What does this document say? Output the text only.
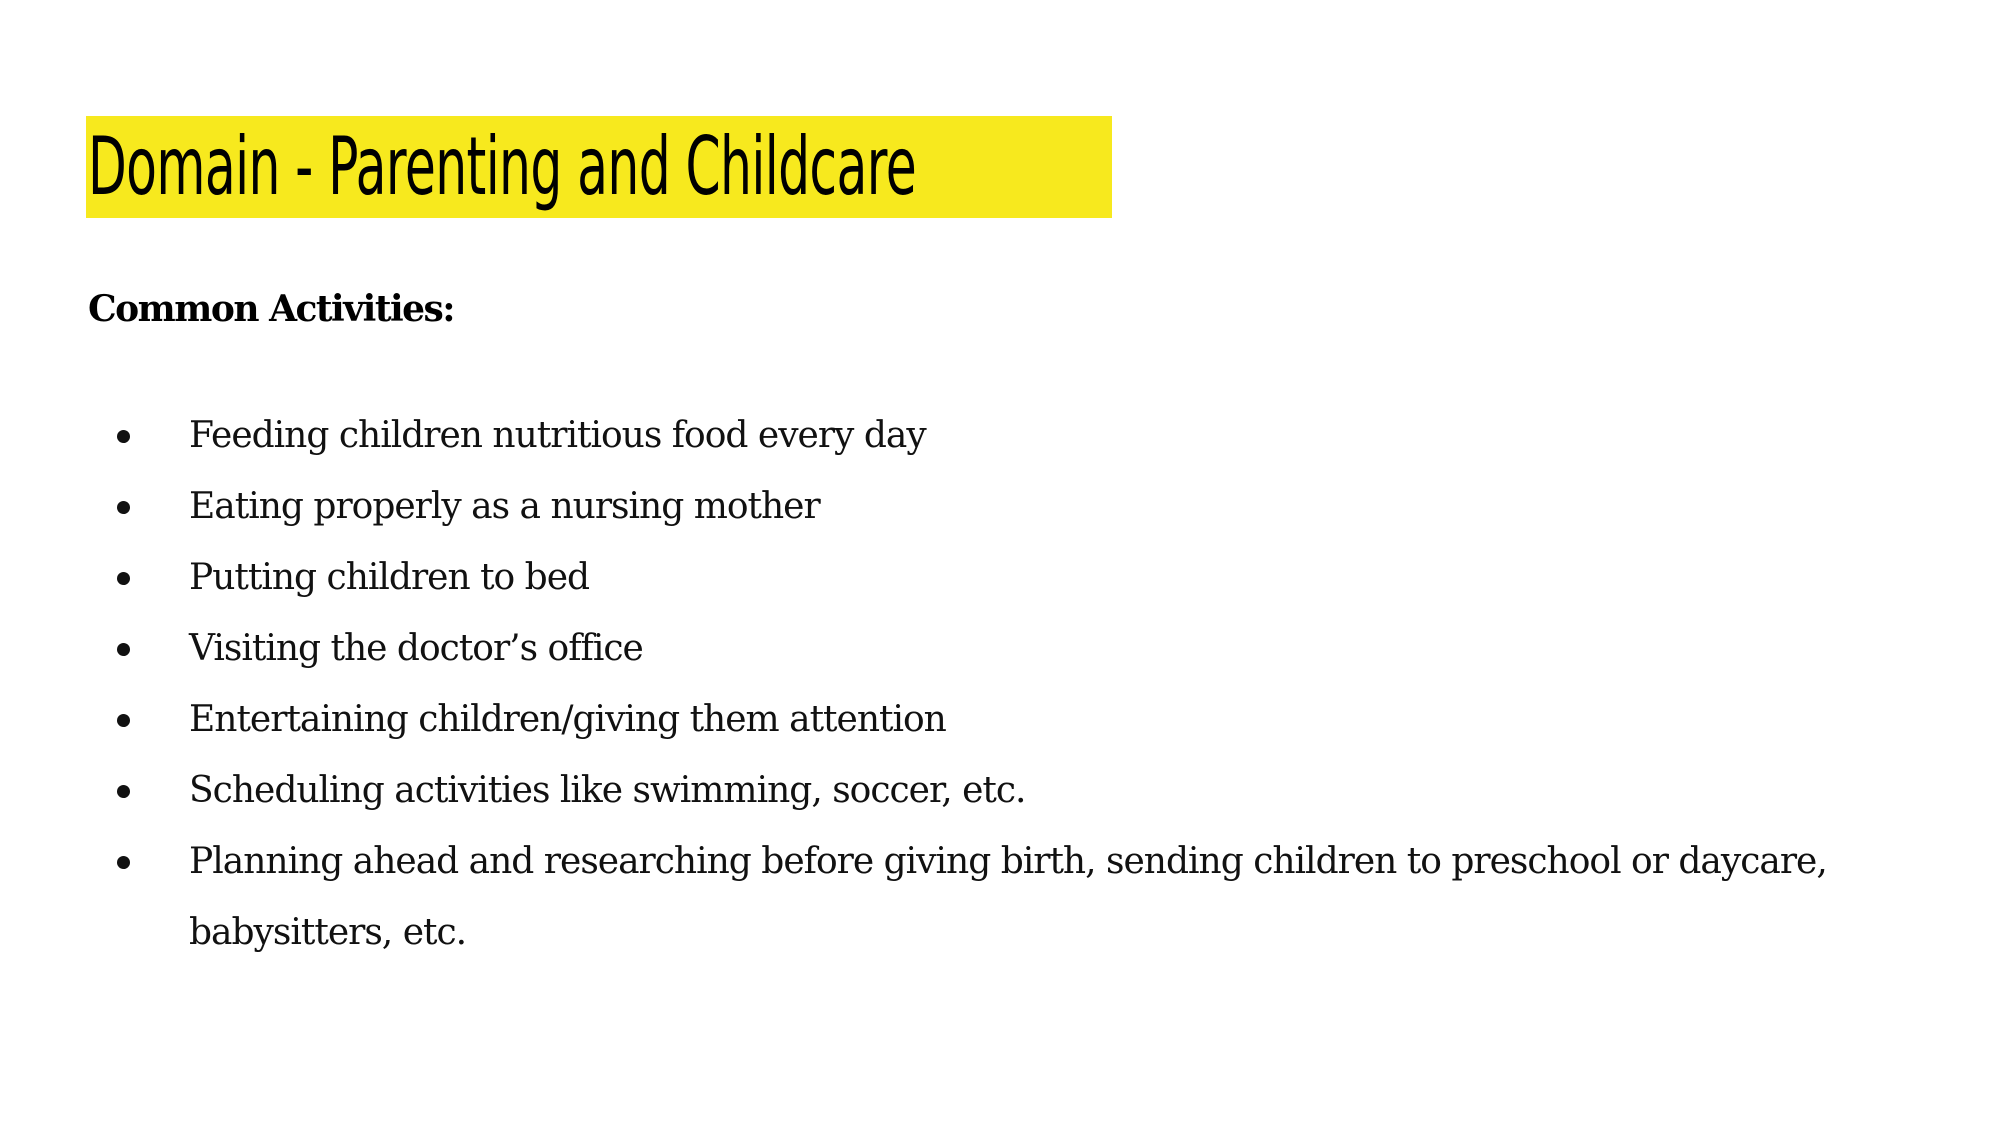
Domain - Parenting and Childcare
Common Activities:
Feeding children nutritious food every day
Eating properly as a nursing mother
Putting children to bed
Visiting the doctor’s office
Entertaining children/giving them attention
Scheduling activities like swimming, soccer, etc.
Planning ahead and researching before giving birth, sending children to preschool or daycare, babysitters, etc.
